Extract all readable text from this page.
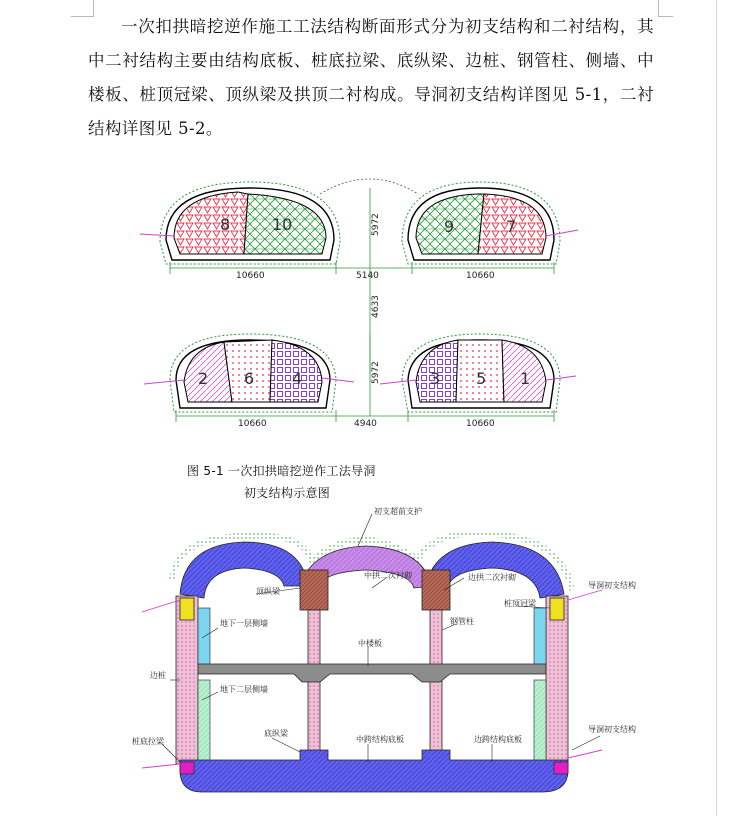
一次扣拱暗挖逆作施工工法结构断面形式分为初支结构和二衬结构，其中二衬结构主要由结构底板、桩底拉梁、底纵梁、边桩、钢管柱、侧墙、中楼板、桩顶冠梁、顶纵梁及拱顶二衬构成。导洞初支结构详图见 5-1，二衬结构详图见 5-2。

8	10	9	7
10660	5140	10660
5972
4633
2 6 4	3 5 1
10660	4940	10660
5972
图 5-1 一次扣拱暗挖逆作工法导洞
初支结构示意图
初支超前支护
中拱二次衬砌	边拱二次衬砌
顶纵梁
导洞初支结构
桩顶冠梁
地下一层侧墙	钢管柱
中楼板
边桩
地下二层侧墙
底纵梁
桩底拉梁	中跨结构底板	边跨结构底板
导洞初支结构
